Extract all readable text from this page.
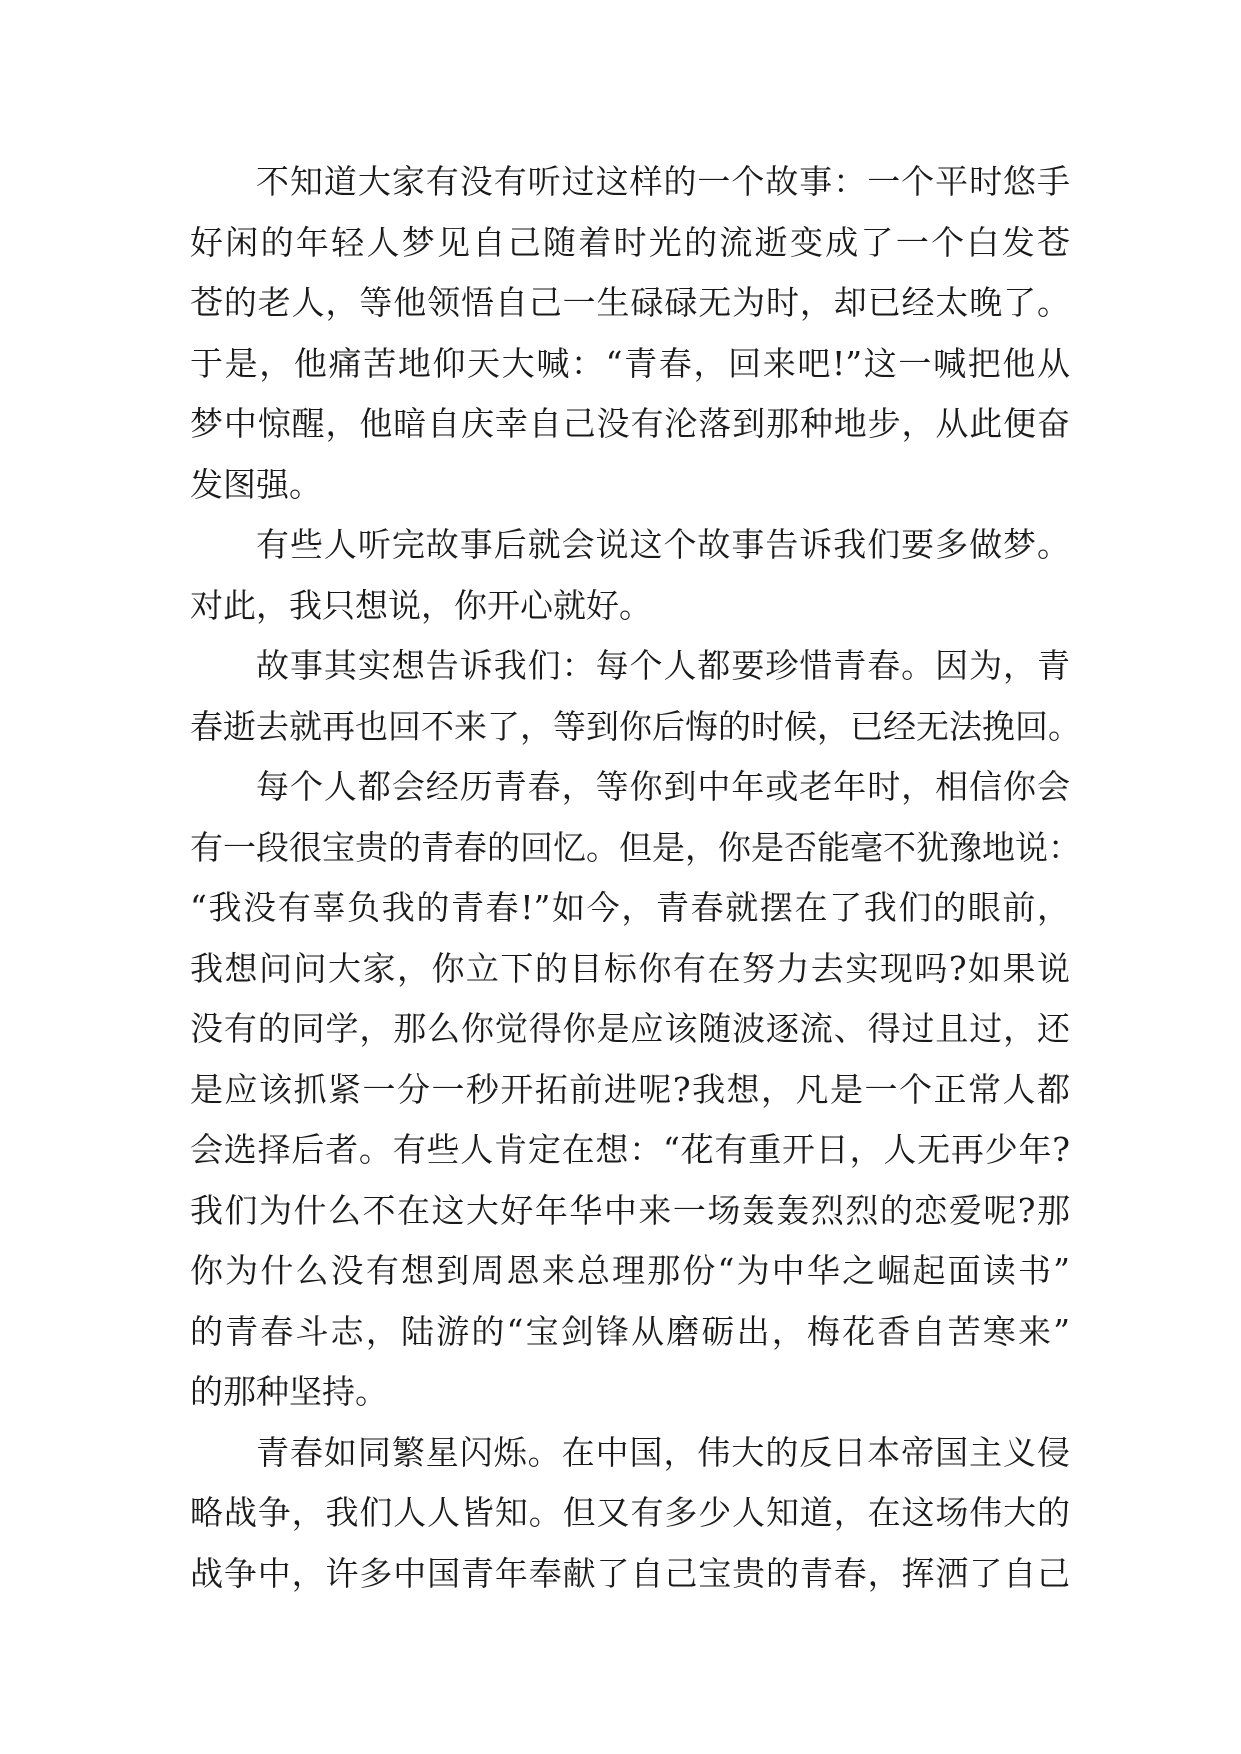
不知道大家有没有听过这样的一个故事：一个平时悠手
好闲的年轻人梦见自己随着时光的流逝变成了一个白发苍
苍的老人，等他领悟自己一生碌碌无为时，却已经太晚了。
于是，他痛苦地仰天大喊：“青春，回来吧!”这一喊把他从
梦中惊醒，他暗自庆幸自己没有沦落到那种地步，从此便奋
发图强。
有些人听完故事后就会说这个故事告诉我们要多做梦。
对此，我只想说，你开心就好。
故事其实想告诉我们：每个人都要珍惜青春。因为，青
春逝去就再也回不来了，等到你后悔的时候，已经无法挽回。
每个人都会经历青春，等你到中年或老年时，相信你会
有一段很宝贵的青春的回忆。但是，你是否能毫不犹豫地说：
“我没有辜负我的青春!”如今，青春就摆在了我们的眼前，
我想问问大家，你立下的目标你有在努力去实现吗?如果说
没有的同学，那么你觉得你是应该随波逐流、得过且过，还
是应该抓紧一分一秒开拓前进呢?我想，凡是一个正常人都
会选择后者。有些人肯定在想：“花有重开日，人无再少年?
我们为什么不在这大好年华中来一场轰轰烈烈的恋爱呢?那
你为什么没有想到周恩来总理那份“为中华之崛起面读书”
的青春斗志，陆游的“宝剑锋从磨砺出，梅花香自苦寒来”
的那种坚持。
青春如同繁星闪烁。在中国，伟大的反日本帝国主义侵
略战争，我们人人皆知。但又有多少人知道，在这场伟大的
战争中，许多中国青年奉献了自己宝贵的青春，挥洒了自己
